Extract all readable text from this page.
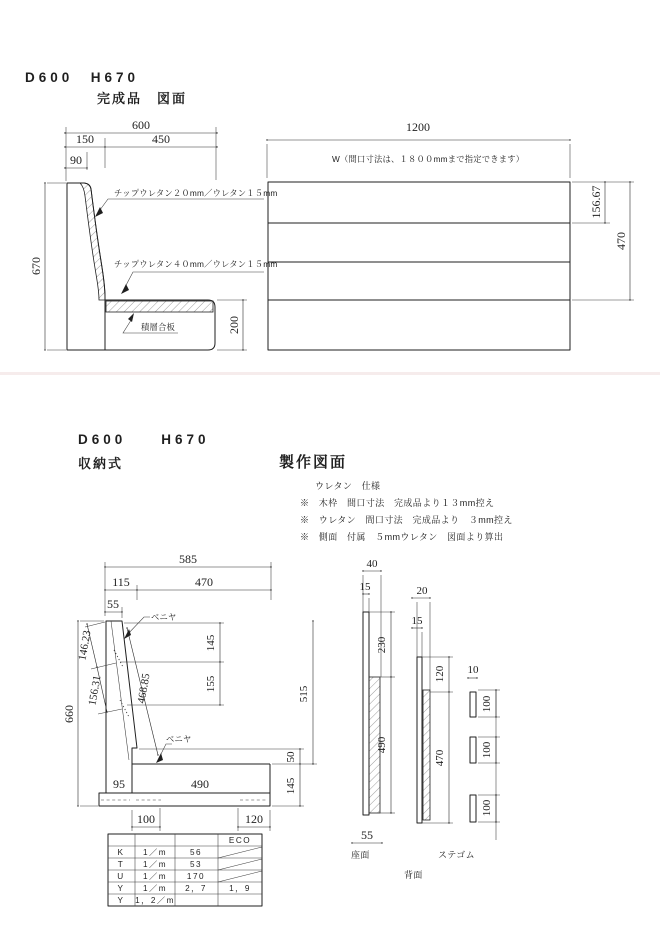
D600　H670
完成品　図面
600
150	450
90
670
200
チップウレタン２０mm／ウレタン１５mm
チップウレタン４０mm／ウレタン１５mm
積層合板
1200
W（間口寸法は、１８００mmまで指定できます）
156.67
470
D600　　H670
収納式	製作図面
ウレタン　仕様
※　木枠　間口寸法　完成品より１３mm控え
※　ウレタン　間口寸法　完成品より　３mm控え
※　側面　付属　５mmウレタン　図面より算出
585
115	470
55
660
146.23
156.31	468.85
145
155
ベニヤ
ベニヤ
95	490
50
145
100	120
515
40
15
230
490
55
座面
20
15
120
470
背面
10
100
100
100
ステゴム
ECO
K 1／m	56
T 1／m	53
U 1／m 170
Y 1／m 2，7	1，9
Y 1，2／m
